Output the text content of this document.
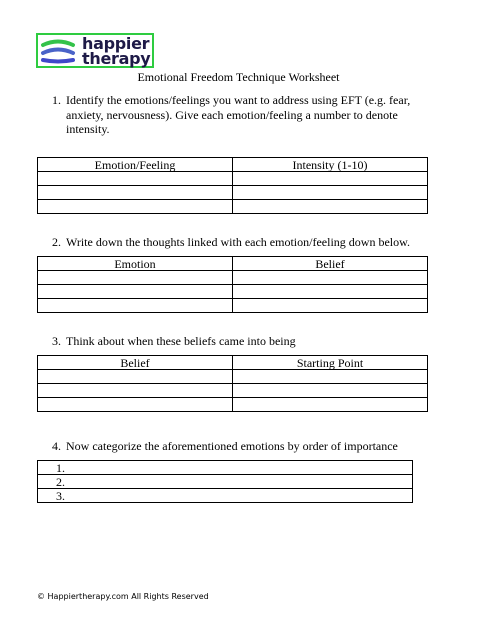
happier
therapy
Emotional Freedom Technique Worksheet
1. Identify the emotions/feelings you want to address using EFT (e.g. fear, anxiety, nervousness). Give each emotion/feeling a number to denote intensity.
Emotion/Feeling	Intensity (1-10)

2. Write down the thoughts linked with each emotion/feeling down below.
Emotion	Belief

3. Think about when these beliefs came into being
Belief	Starting Point

4. Now categorize the aforementioned emotions by order of importance
1.
2.
3.
© Happiertherapy.com All Rights Reserved
